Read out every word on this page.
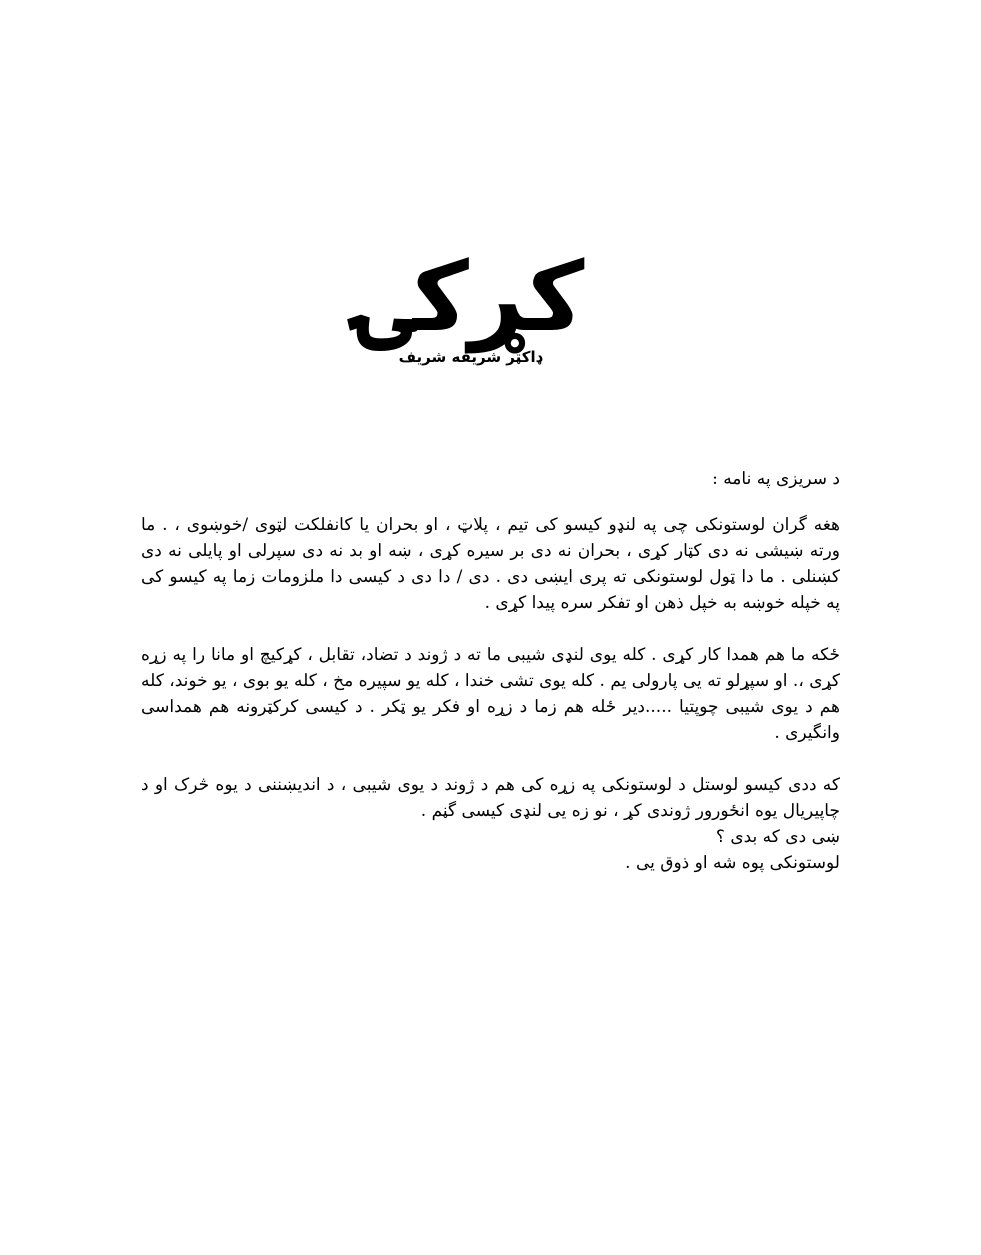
کړکۍ
ډاکټر شریفه شریف

د سریزی په نامه :

هغه گران لوستونکی چی په لنډو کیسو کی تیم ، پلاټ ، او بحران یا کانفلکت لټوی /خوښوی ، . ما ورته ښیشی نه دی کټار کړی ، بحران نه دی بر سیره کړی ، ښه او بد نه دی سپرلی او پایلی نه دی کښنلی . ما دا ټول لوستونکی ته پری ایښی دی . دی / دا دی د کیسی دا ملزومات زما په کیسو کی په خپله خوښه به خپل ذهن او تفکر سره پیدا کړی .

ځکه ما هم همدا کار کړی . کله یوی لنډی شیبی ما ته د ژوند د تضاد، تقابل ، کړکیچ او مانا را په زړه کړی ،. او سپړلو ته یی پارولی یم . کله یوی تشی خندا ، کله یو سپیره مخ ، کله یو بوی ، یو خوند، کله هم د یوی شیبی چوپتیا .....دیر ځله هم زما د زړه او فکر یو ټکر . د کیسی کرکټرونه هم همداسی وانگیری .

که ددی کیسو لوستل د لوستونکی په زړه کی هم د ژوند د یوی شیبی ، د اندیښننی د یوه څرک او د چاپیریال یوه انځورور ژوندی کړ ، نو زه یی لنډی کیسی گڼم .

ښی دی که بدی ؟

لوستونکی پوه شه او ذوق یی .
